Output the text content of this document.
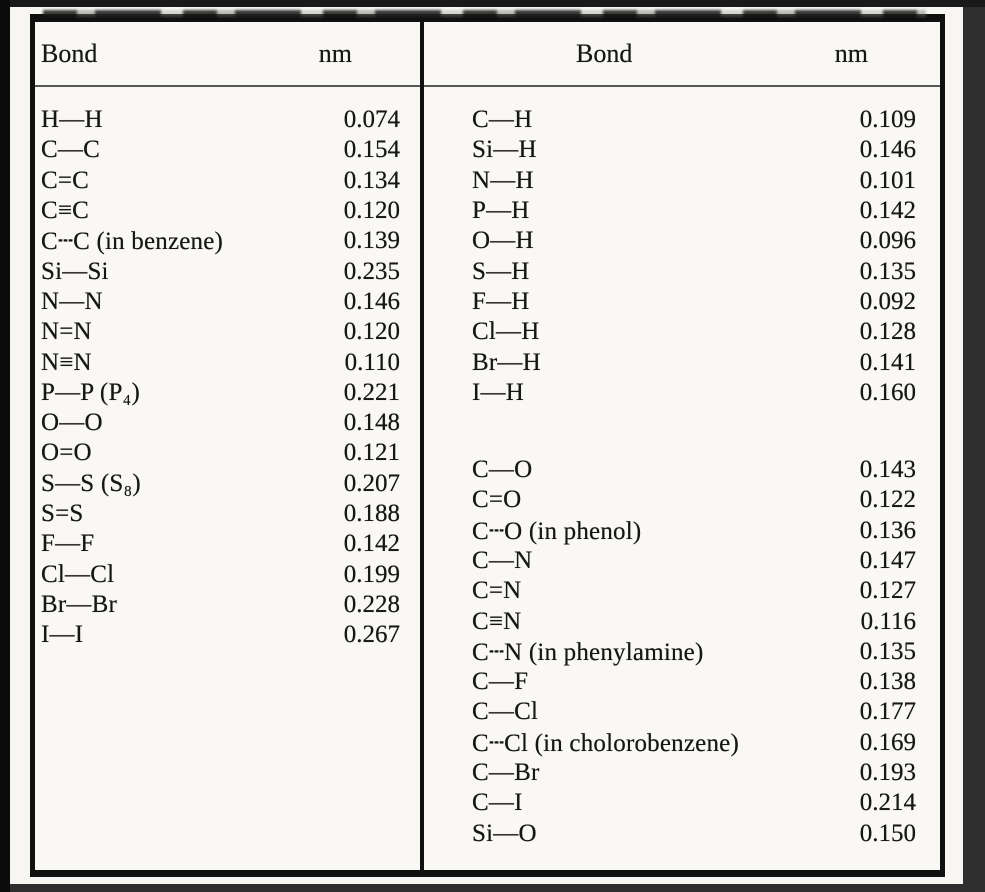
Bond	nm
H—H	0.074
C—C	0.154
C=C	0.134
C≡C	0.120
C┄C (in benzene)	0.139
Si—Si	0.235
N—N	0.146
N=N	0.120
N≡N	0.110
P—P (P₄)	0.221
O—O	0.148
O=O	0.121
S—S (S₈)	0.207
S=S	0.188
F—F	0.142
Cl—Cl	0.199
Br—Br	0.228
I—I	0.267
Bond	nm
C—H	0.109
Si—H	0.146
N—H	0.101
P—H	0.142
O—H	0.096
S—H	0.135
F—H	0.092
Cl—H	0.128
Br—H	0.141
I—H	0.160
C—O	0.143
C=O	0.122
C┄O (in phenol)	0.136
C—N	0.147
C=N	0.127
C≡N	0.116
C┄N (in phenylamine)	0.135
C—F	0.138
C—Cl	0.177
C┄Cl (in cholorobenzene)	0.169
C—Br	0.193
C—I	0.214
Si—O	0.150
